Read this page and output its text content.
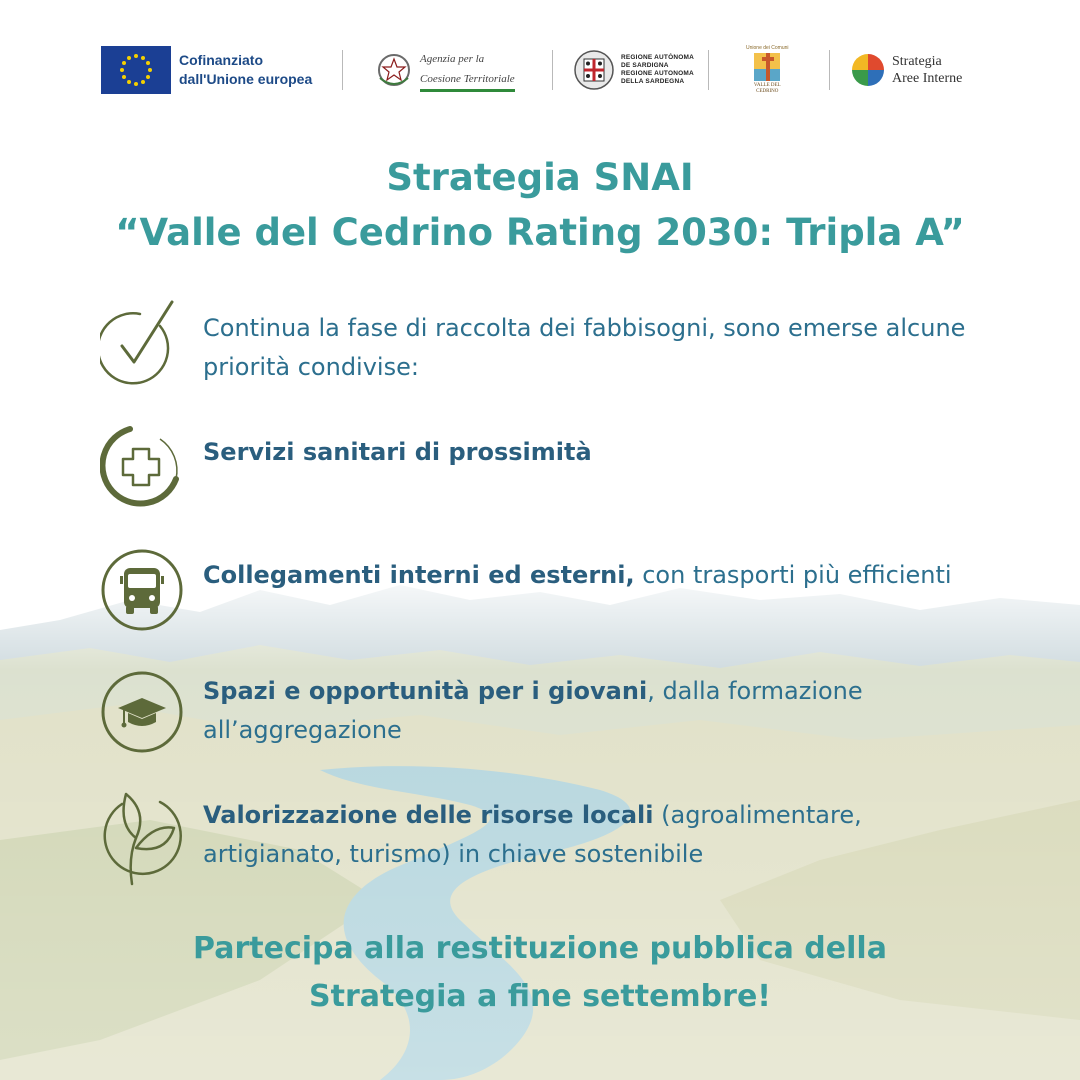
Cofinanziato
dall'Unione europea
Agenzia per la
Coesione Territoriale
REGIONE AUTÒNOMA
DE SARDIGNA
REGIONE AUTONOMA
DELLA SARDEGNA
Unione dei Comuni
VALLE DEL
CEDRINO
Strategia
Aree Interne
Strategia SNAI
“Valle del Cedrino Rating 2030: Tripla A”
Continua la fase di raccolta dei fabbisogni, sono emerse alcune priorità condivise:
Servizi sanitari di prossimità
Collegamenti interni ed esterni, con trasporti più efficienti
Spazi e opportunità per i giovani, dalla formazione all’aggregazione
Valorizzazione delle risorse locali (agroalimentare, artigianato, turismo) in chiave sostenibile
Partecipa alla restituzione pubblica della
Strategia a fine settembre!
